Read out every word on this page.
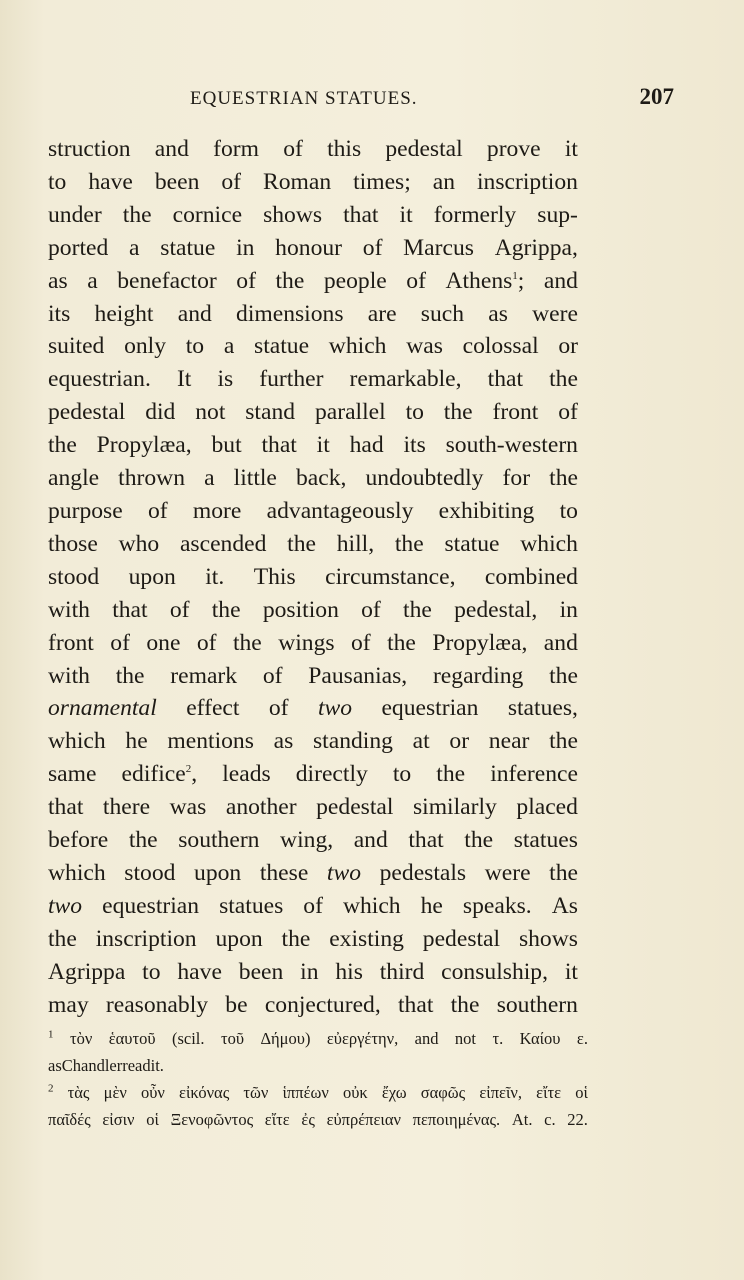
EQUESTRIAN STATUES.	207
struction and form of this pedestal prove it
to have been of Roman times; an inscription
under the cornice shows that it formerly sup-
ported a statue in honour of Marcus Agrippa,
as a benefactor of the people of Athens$^1$; and
its height and dimensions are such as were
suited only to a statue which was colossal or
equestrian. It is further remarkable, that the
pedestal did not stand parallel to the front of
the Propylæa, but that it had its south-western
angle thrown a little back, undoubtedly for the
purpose of more advantageously exhibiting to
those who ascended the hill, the statue which
stood upon it. This circumstance, combined
with that of the position of the pedestal, in
front of one of the wings of the Propylæa, and
with the remark of Pausanias, regarding the
ornamental effect of two equestrian statues,
which he mentions as standing at or near the
same edifice$^2$, leads directly to the inference
that there was another pedestal similarly placed
before the southern wing, and that the statues
which stood upon these two pedestals were the
two equestrian statues of which he speaks. As
the inscription upon the existing pedestal shows
Agrippa to have been in his third consulship, it
may reasonably be conjectured, that the southern
$^1$ τὸν ἑαυτοῦ (scil. τοῦ Δήμου) εὐεργέτην, and not τ. Καίου ε.
as Chandler read it.
$^2$ τὰς μὲν οὖν εἰκόνας τῶν ἱππέων οὐκ ἔχω σαφῶς εἰπεῖν, εἴτε οἱ
παῖδές εἰσιν οἱ Ξενοφῶντος εἴτε ἐς εὐπρέπειαν πεποιημένας. At. c. 22.
